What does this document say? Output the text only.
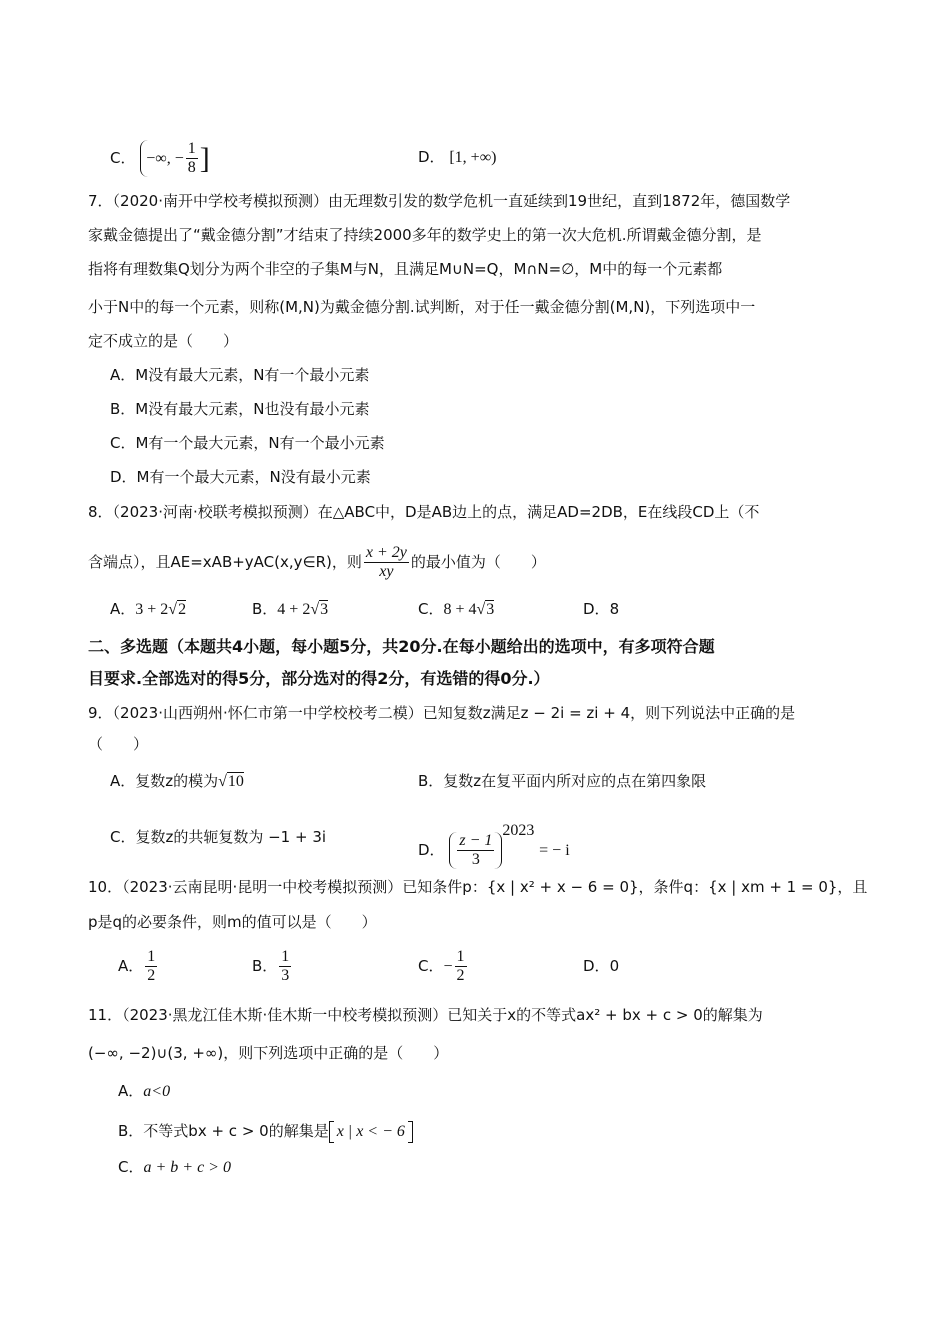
C． −∞, − $\frac{1}{8}$ ]	D． [1, +∞)
7．（2020·南开中学校考模拟预测）由无理数引发的数学危机一直延续到19世纪，直到1872年，德国数学
家戴金德提出了“戴金德分割”才结束了持续2000多年的数学史上的第一次大危机.所谓戴金德分割，是
指将有理数集Q划分为两个非空的子集M与N，且满足M∪N=Q，M∩N=∅，M中的每一个元素都
小于N中的每一个元素，则称(M,N)为戴金德分割.试判断，对于任一戴金德分割(M,N)，下列选项中一
定不成立的是（　　）
A．M没有最大元素，N有一个最小元素
B．M没有最大元素，N也没有最小元素
C．M有一个最大元素，N有一个最小元素
D．M有一个最大元素，N没有最小元素
8．（2023·河南·校联考模拟预测）在△ABC中，D是AB边上的点，满足AD=2DB，E在线段CD上（不
含端点），且AE=xAB+yAC(x,y∈R)，则 $\frac{x + 2y}{xy}$ 的最小值为（　　）
A．3 + 2√2	B．4 + 2√3	C．8 + 4√3	D．8
二、多选题（本题共4小题，每小题5分，共20分.在每小题给出的选项中，有多项符合题
目要求.全部选对的得5分，部分选对的得2分，有选错的得0分.）
9．（2023·山西朔州·怀仁市第一中学校校考二模）已知复数z满足z − 2i = zi + 4，则下列说法中正确的是
（　　）
A．复数z的模为√10	B．复数z在复平面内所对应的点在第四象限
C．复数z的共轭复数为 −1 + 3i
D． $\frac{z - 1}{3}$
$^{2023}$ = − i
10．（2023·云南昆明·昆明一中校考模拟预测）已知条件p：{x | x² + x − 6 = 0}，条件q：{x | xm + 1 = 0}，且
p是q的必要条件，则m的值可以是（　　）
A． $\frac{1}{2}$	B． $\frac{1}{3}$	C．− $\frac{1}{2}$	D．0
11．（2023·黑龙江佳木斯·佳木斯一中校考模拟预测）已知关于x的不等式ax² + bx + c > 0的解集为
(−∞, −2)∪(3, +∞)，则下列选项中正确的是（　　）
A．a<0
B．不等式bx + c > 0的解集是 x | x < − 6
C．a + b + c > 0
